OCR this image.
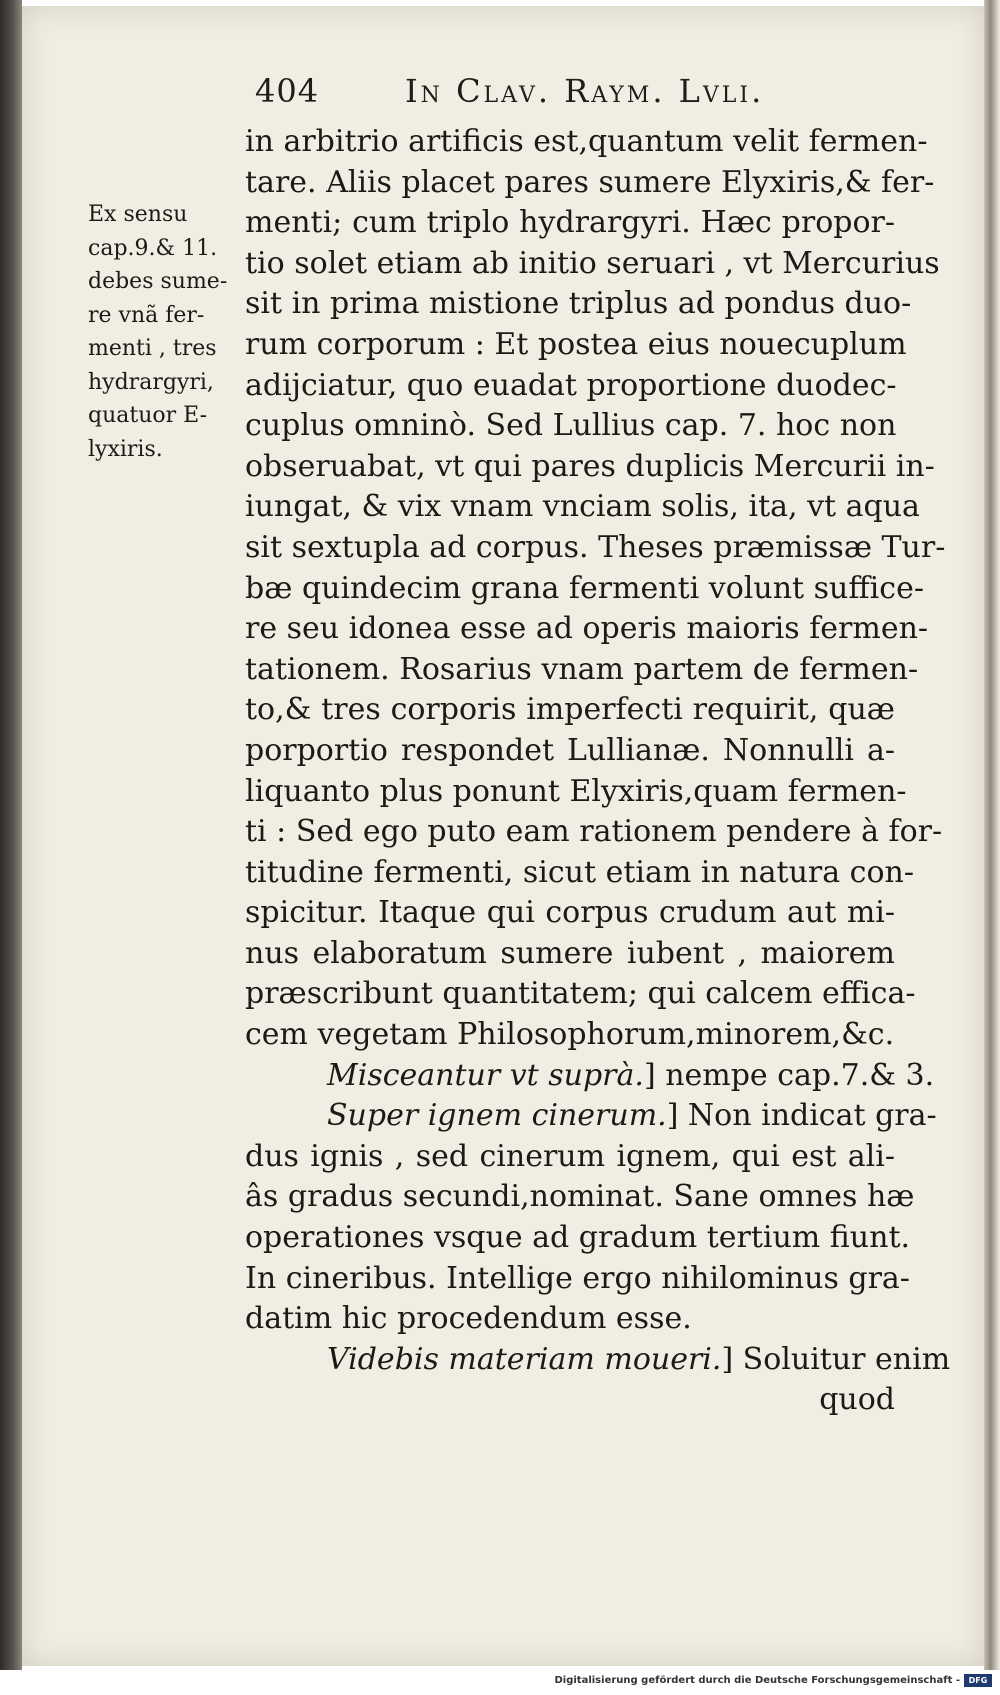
404	In Clav. Raym. Lvli.
Ex sensu
cap.9.& 11.
debes sume-
re vnã fer-
menti , tres
hydrargyri,
quatuor E-
lyxiris.
in arbitrio artificis est,quantum velit fermen-
tare. Aliis placet pares sumere Elyxiris,& fer-
menti; cum triplo hydrargyri. Hæc propor-
tio solet etiam ab initio seruari , vt Mercurius
sit in prima mistione triplus ad pondus duo-
rum corporum : Et postea eius nouecuplum
adijciatur, quo euadat proportione duodec-
cuplus omninò. Sed Lullius cap. 7. hoc non
obseruabat, vt qui pares duplicis Mercurii in-
iungat, & vix vnam vnciam solis, ita, vt aqua
sit sextupla ad corpus. Theses præmissæ Tur-
bæ quindecim grana fermenti volunt suffice-
re seu idonea esse ad operis maioris fermen-
tationem. Rosarius vnam partem de fermen-
to,& tres corporis imperfecti requirit, quæ
porportio respondet Lullianæ. Nonnulli a-
liquanto plus ponunt Elyxiris,quam fermen-
ti : Sed ego puto eam rationem pendere à for-
titudine fermenti, sicut etiam in natura con-
spicitur. Itaque qui corpus crudum aut mi-
nus elaboratum sumere iubent , maiorem
præscribunt quantitatem; qui calcem effica-
cem vegetam Philosophorum,minorem,&c.
Misceantur vt suprà.] nempe cap.7.& 3.
Super ignem cinerum.] Non indicat gra-
dus ignis , sed cinerum ignem, qui est ali-
âs gradus secundi,nominat. Sane omnes hæ
operationes vsque ad gradum tertium fiunt.
In cineribus. Intellige ergo nihilominus gra-
datim hic procedendum esse.
Videbis materiam moueri.] Soluitur enim
quod
Digitalisierung gefördert durch die Deutsche Forschungsgemeinschaft -	DFG
